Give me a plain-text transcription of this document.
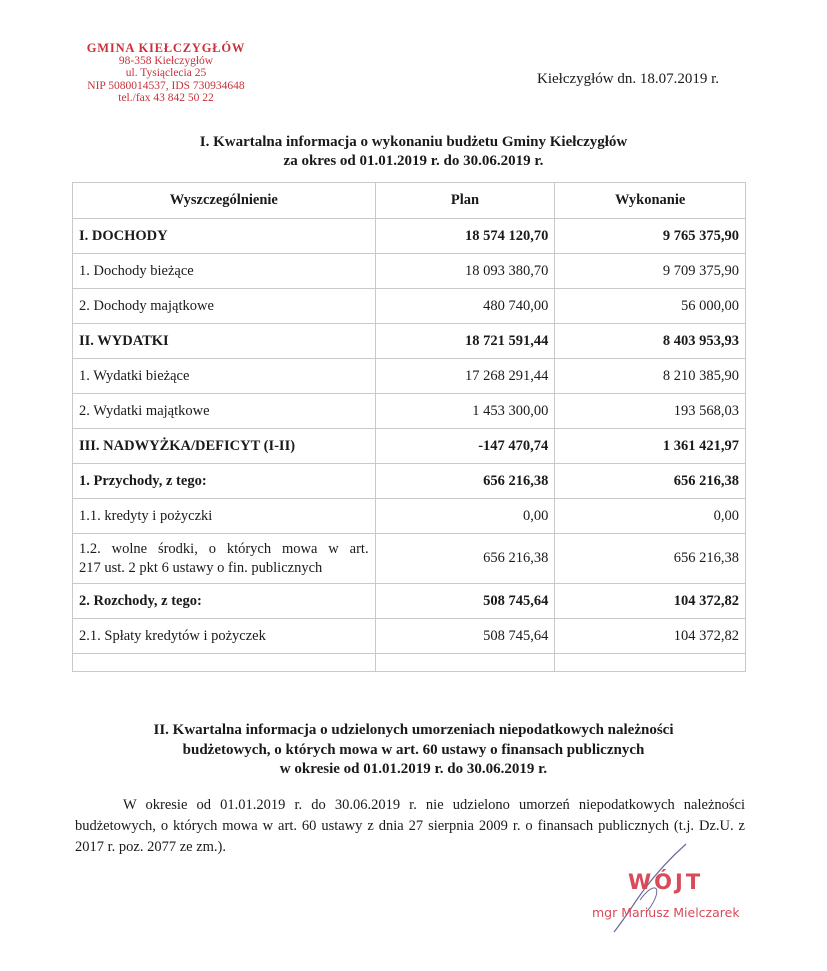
GMINA KIEŁCZYGŁÓW
98-358 Kiełczygłów
ul. Tysiąclecia 25
NIP 5080014537, IDS 730934648
tel./fax 43 842 50 22
Kiełczygłów dn. 18.07.2019 r.
I. Kwartalna informacja o wykonaniu budżetu Gminy Kiełczygłów
za okres od 01.01.2019 r. do 30.06.2019 r.
Wyszczególnienie	Plan	Wykonanie
I. DOCHODY	18 574 120,70	9 765 375,90
1. Dochody bieżące	18 093 380,70	9 709 375,90
2. Dochody majątkowe	480 740,00	56 000,00
II. WYDATKI	18 721 591,44	8 403 953,93
1. Wydatki bieżące	17 268 291,44	8 210 385,90
2. Wydatki majątkowe	1 453 300,00	193 568,03
III. NADWYŻKA/DEFICYT (I-II)	-147 470,74	1 361 421,97
1. Przychody, z tego:	656 216,38	656 216,38
1.1. kredyty i pożyczki	0,00	0,00

1.2. wolne środki, o których mowa w art.
217 ust. 2 pkt 6 ustawy o fin. publicznych	656 216,38	656 216,38
2. Rozchody, z tego:	508 745,64	104 372,82
2.1. Spłaty kredytów i pożyczek	508 745,64	104 372,82

II. Kwartalna informacja o udzielonych umorzeniach niepodatkowych należności
budżetowych, o których mowa w art. 60 ustawy o finansach publicznych
w okresie od 01.01.2019 r. do 30.06.2019 r.
W okresie od 01.01.2019 r. do 30.06.2019 r. nie udzielono umorzeń niepodatkowych należności budżetowych, o których mowa w art. 60 ustawy z dnia 27 sierpnia 2009 r. o finansach publicznych (t.j. Dz.U. z 2017 r. poz. 2077 ze zm.).
WÓJT
mgr Mariusz Mielczarek
